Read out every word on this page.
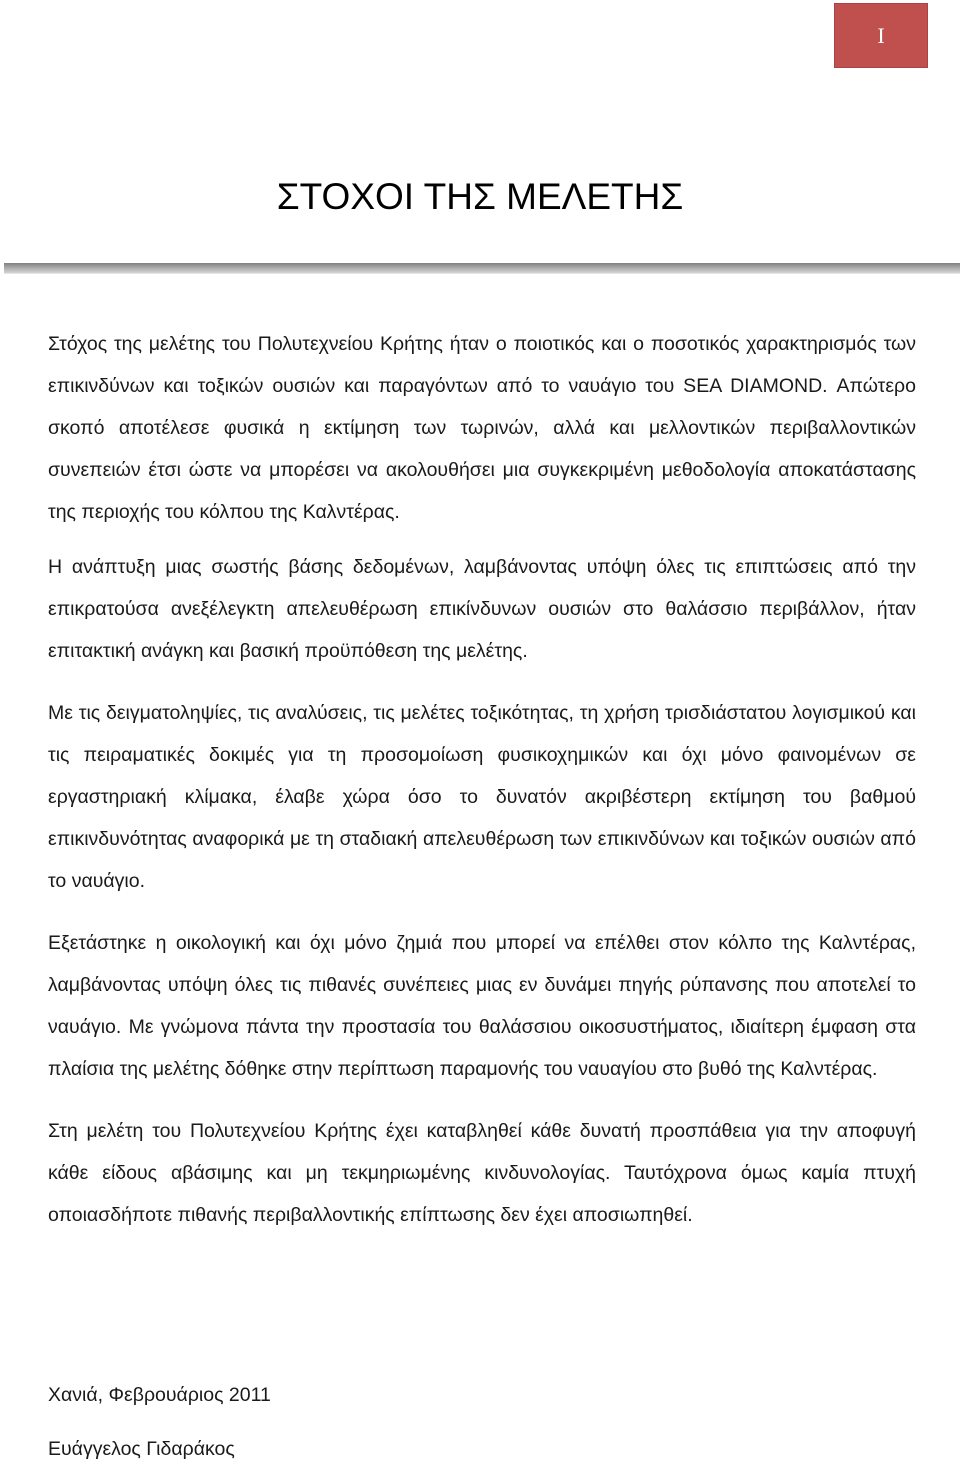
I
ΣΤΟΧΟΙ ΤΗΣ ΜΕΛΕΤΗΣ

Στόχος της μελέτης του Πολυτεχνείου Κρήτης ήταν ο ποιοτικός και ο ποσοτικός χαρακτηρισμός των επικινδύνων και τοξικών ουσιών και παραγόντων από το ναυάγιο του SEA DIAMOND. Απώτερο σκοπό αποτέλεσε φυσικά η εκτίμηση των τωρινών, αλλά και μελλοντικών περιβαλλοντικών συνεπειών έτσι ώστε να μπορέσει να ακολουθήσει μια συγκεκριμένη μεθοδολογία αποκατάστασης της περιοχής του κόλπου της Καλντέρας.

Η ανάπτυξη μιας σωστής βάσης δεδομένων, λαμβάνοντας υπόψη όλες τις επιπτώσεις από την επικρατούσα ανεξέλεγκτη απελευθέρωση επικίνδυνων ουσιών στο θαλάσσιο περιβάλλον, ήταν επιτακτική ανάγκη και βασική προϋπόθεση της μελέτης.

Με τις δειγματοληψίες, τις αναλύσεις, τις μελέτες τοξικότητας, τη χρήση τρισδιάστατου λογισμικού και τις πειραματικές δοκιμές για τη προσομοίωση φυσικοχημικών και όχι μόνο φαινομένων σε εργαστηριακή κλίμακα, έλαβε χώρα όσο το δυνατόν ακριβέστερη εκτίμηση του βαθμού επικινδυνότητας αναφορικά με τη σταδιακή απελευθέρωση των επικινδύνων και τοξικών ουσιών από το ναυάγιο.

Εξετάστηκε η οικολογική και όχι μόνο ζημιά που μπορεί να επέλθει στον κόλπο της Καλντέρας, λαμβάνοντας υπόψη όλες τις πιθανές συνέπειες μιας εν δυνάμει πηγής ρύπανσης που αποτελεί το ναυάγιο. Με γνώμονα πάντα την προστασία του θαλάσσιου οικοσυστήματος, ιδιαίτερη έμφαση στα πλαίσια της μελέτης δόθηκε στην περίπτωση παραμονής του ναυαγίου στο βυθό της Καλντέρας.

Στη μελέτη του Πολυτεχνείου Κρήτης έχει καταβληθεί κάθε δυνατή προσπάθεια για την αποφυγή κάθε είδους αβάσιμης και μη τεκμηριωμένης κινδυνολογίας. Ταυτόχρονα όμως καμία πτυχή οποιασδήποτε πιθανής περιβαλλοντικής επίπτωσης δεν έχει αποσιωπηθεί.

Χανιά, Φεβρουάριος 2011
Ευάγγελος Γιδαράκος
